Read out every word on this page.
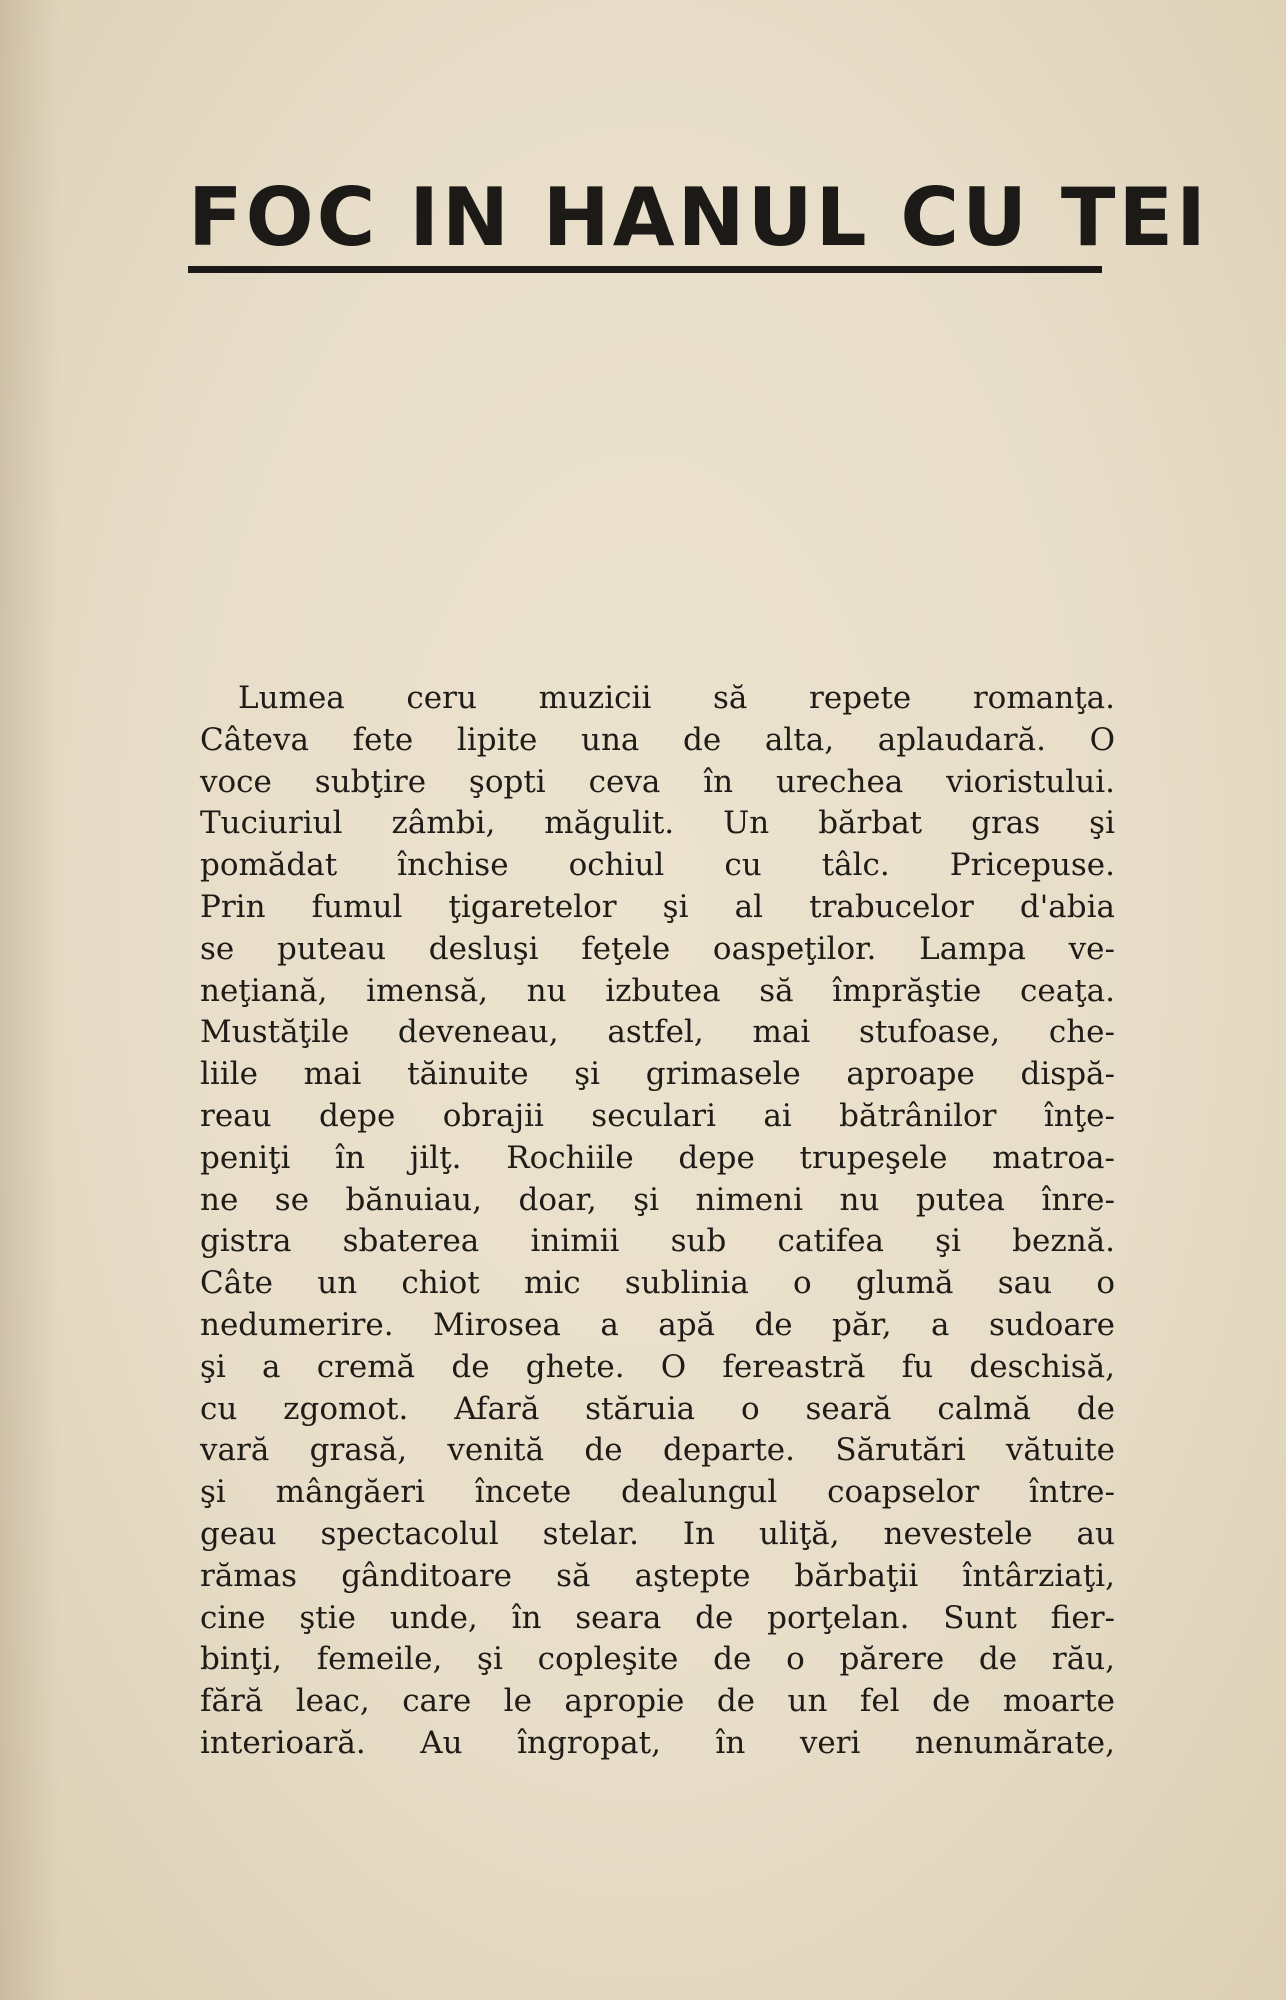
FOC IN HANUL CU TEI
Lumea ceru muzicii să repete romanţa.
Câteva fete lipite una de alta, aplaudară. O
voce subţire şopti ceva în urechea vioristului.
Tuciuriul zâmbi, măgulit. Un bărbat gras şi
pomădat închise ochiul cu tâlc. Pricepuse.
Prin fumul ţigaretelor şi al trabucelor d'abia
se puteau desluşi feţele oaspeţilor. Lampa ve-
neţiană, imensă, nu izbutea să împrăştie ceaţa.
Mustăţile deveneau, astfel, mai stufoase, che-
liile mai tăinuite şi grimasele aproape dispă-
reau depe obrajii seculari ai bătrânilor înţe-
peniţi în jilţ. Rochiile depe trupeşele matroa-
ne se bănuiau, doar, şi nimeni nu putea înre-
gistra sbaterea inimii sub catifea şi beznă.
Câte un chiot mic sublinia o glumă sau o
nedumerire. Mirosea a apă de păr, a sudoare
şi a cremă de ghete. O fereastră fu deschisă,
cu zgomot. Afară stăruia o seară calmă de
vară grasă, venită de departe. Sărutări vătuite
şi mângăeri încete dealungul coapselor între-
geau spectacolul stelar. In uliţă, nevestele au
rămas gânditoare să aştepte bărbaţii întârziaţi,
cine ştie unde, în seara de porţelan. Sunt fier-
binţi, femeile, şi copleşite de o părere de rău,
fără leac, care le apropie de un fel de moarte
interioară. Au îngropat, în veri nenumărate,
